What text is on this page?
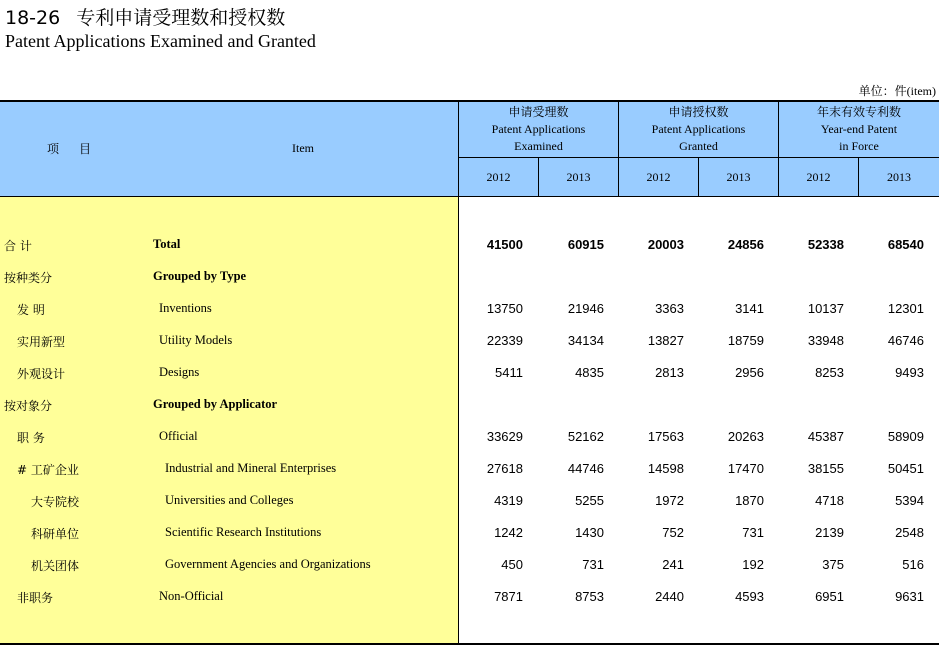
18-26 专利申请受理数和授权数
Patent Applications Examined and Granted
单位：件(item)
项目	Item
申请受理数
Patent Applications
Examined
申请授权数
Patent Applications
Granted
年末有效专利数
Year-end Patent
in Force
2012	2013	2012	2013	2012	2013
合 计	Total	41500	60915	20003	24856	52338	68540
按种类分	Grouped by Type
发 明	Inventions	13750	21946	3363	3141	10137	12301
实用新型	Utility Models	22339	34134	13827	18759	33948	46746
外观设计	Designs	5411	4835	2813	2956	8253	9493
按对象分	Grouped by Applicator
职 务	Official	33629	52162	17563	20263	45387	58909
# 工矿企业	Industrial and Mineral Enterprises	27618	44746	14598	17470	38155	50451
大专院校	Universities and Colleges	4319	5255	1972	1870	4718	5394
科研单位	Scientific Research Institutions	1242	1430	752	731	2139	2548
机关团体	Government Agencies and Organizations	450	731	241	192	375	516
非职务	Non-Official	7871	8753	2440	4593	6951	9631
